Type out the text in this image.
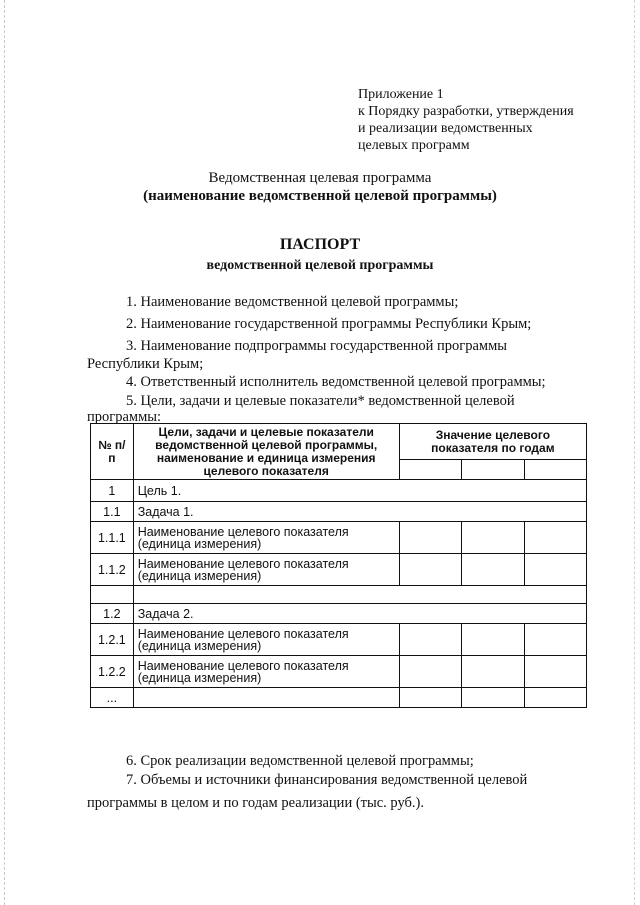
Приложение 1
к Порядку разработки, утверждения
и реализации ведомственных
целевых программ
Ведомственная целевая программа
(наименование ведомственной целевой программы)
ПАСПОРТ
ведомственной целевой программы
1. Наименование ведомственной целевой программы;
2. Наименование государственной программы Республики Крым;
3. Наименование подпрограммы государственной программы
Республики Крым;
4. Ответственный исполнитель ведомственной целевой программы;
5. Цели, задачи и целевые показатели* ведомственной целевой
программы:
№ п/п	Цели, задачи и целевые показатели ведомственной целевой программы, наименование и единица измерения целевого показателя	Значение целевого показателя по годам		

1	Цель 1.			
1.1	Задача 1.			
1.1.1	Наименование целевого показателя (единица измерения)			
1.1.2	Наименование целевого показателя (единица измерения)			

1.2	Задача 2.			
1.2.1	Наименование целевого показателя (единица измерения)			
1.2.2	Наименование целевого показателя (единица измерения)			
...				
6. Срок реализации ведомственной целевой программы;
7. Объемы и источники финансирования ведомственной целевой
программы в целом и по годам реализации (тыс. руб.).
